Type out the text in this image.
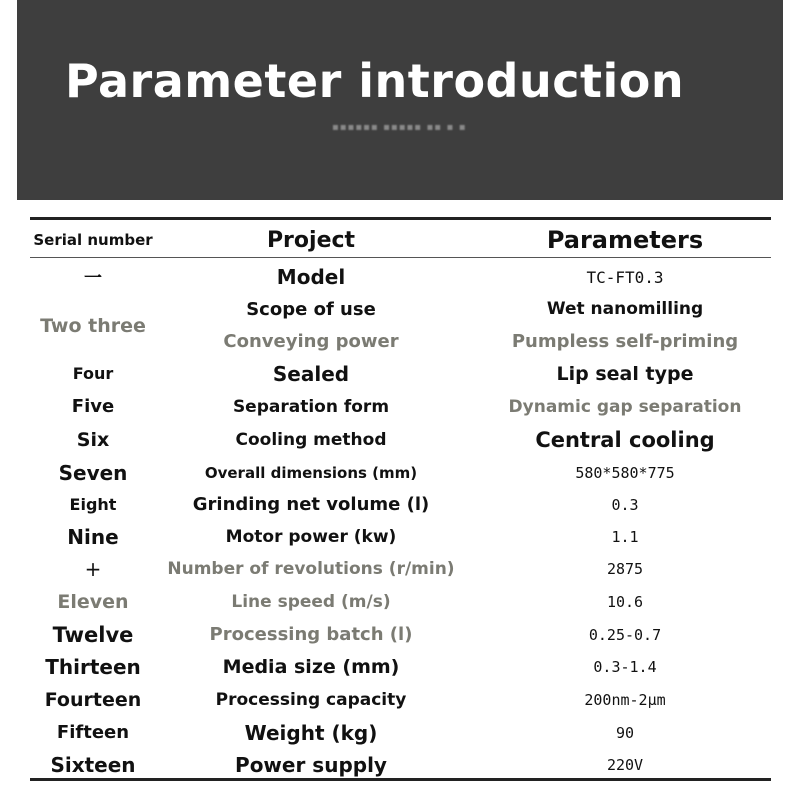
Parameter introduction
▪▪▪▪▪▪ ▪▪▪▪▪ ▪▪ ▪ ▪
Serial number	Project	Parameters
一	Model	TC-FT0.3
Two three
Scope of use	Wet nanomilling
Conveying power	Pumpless self-priming
Four	Sealed	Lip seal type
Five	Separation form	Dynamic gap separation
Six	Cooling method	Central cooling
Seven	Overall dimensions (mm)	580*580*775
Eight	Grinding net volume (l)	0.3
Nine	Motor power (kw)	1.1
+	Number of revolutions (r/min)	2875
Eleven	Line speed (m/s)	10.6
Twelve	Processing batch (l)	0.25-0.7
Thirteen	Media size (mm)	0.3-1.4
Fourteen	Processing capacity	200nm-2μm
Fifteen	Weight (kg)	90
Sixteen	Power supply	220V
